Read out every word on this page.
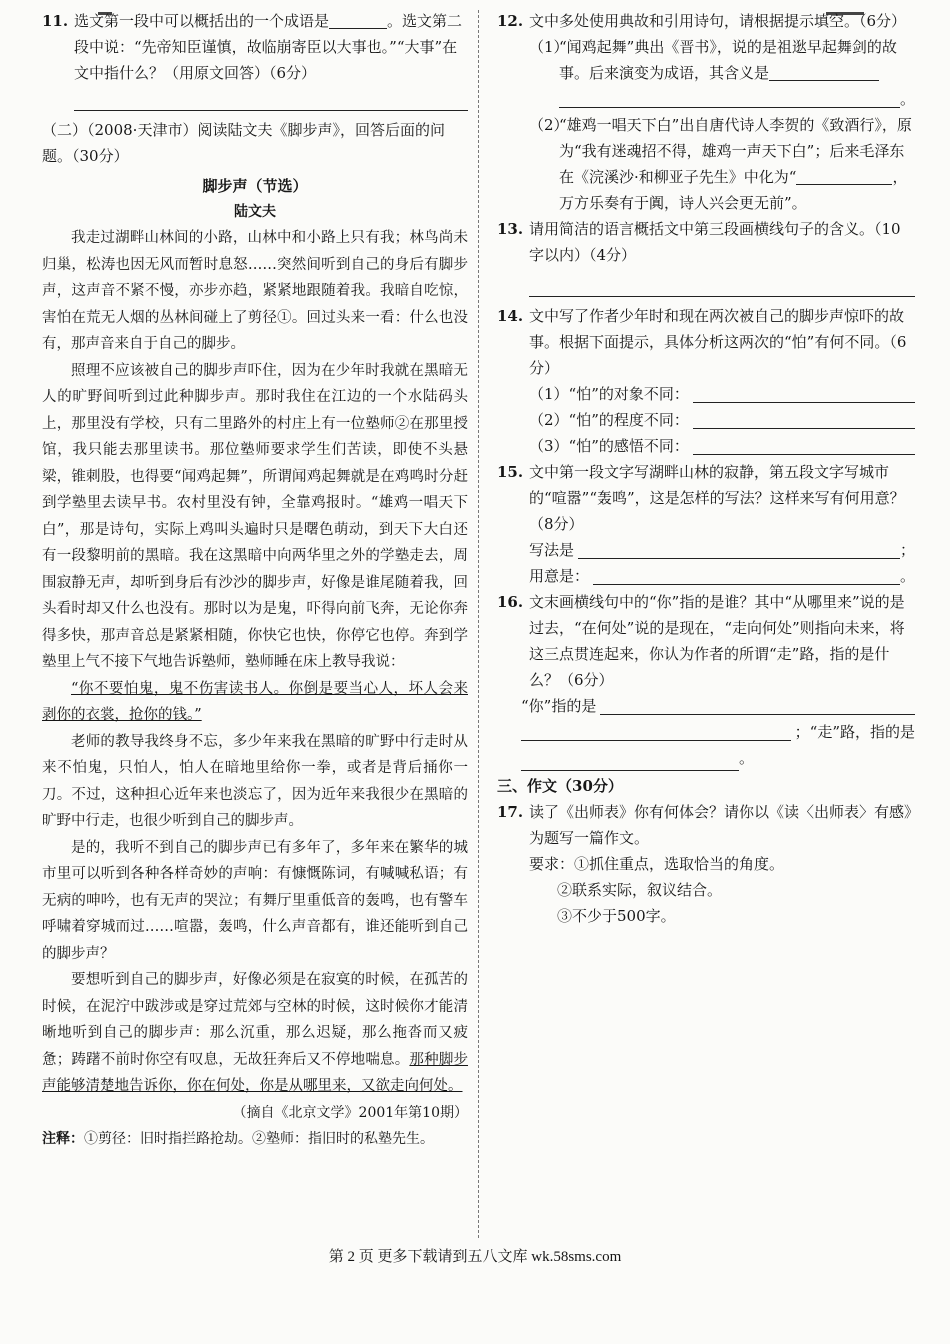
11. 选文第一段中可以概括出的一个成语是	。选文第二段中说：“先帝知臣谨慎，故临崩寄臣以大事也。”“大事”在文中指什么？（用原文回答）（6分）

（二）（2008·天津市）阅读陆文夫《脚步声》，回答后面的问题。（30分）

脚步声（节选）

陆文夫

我走过湖畔山林间的小路，山林中和小路上只有我；林鸟尚未归巢，松涛也因无风而暂时息怒……突然间听到自己的身后有脚步声，这声音不紧不慢，亦步亦趋，紧紧地跟随着我。我暗自吃惊，害怕在荒无人烟的丛林间碰上了剪径①。回过头来一看：什么也没有，那声音来自于自己的脚步。

照理不应该被自己的脚步声吓住，因为在少年时我就在黑暗无人的旷野间听到过此种脚步声。那时我住在江边的一个水陆码头上，那里没有学校，只有二里路外的村庄上有一位塾师②在那里授馆，我只能去那里读书。那位塾师要求学生们苦读，即使不头悬梁，锥刺股，也得要“闻鸡起舞”，所谓闻鸡起舞就是在鸡鸣时分赶到学塾里去读早书。农村里没有钟，全靠鸡报时。“雄鸡一唱天下白”，那是诗句，实际上鸡叫头遍时只是曙色萌动，到天下大白还有一段黎明前的黑暗。我在这黑暗中向两华里之外的学塾走去，周围寂静无声，却听到身后有沙沙的脚步声，好像是谁尾随着我，回头看时却又什么也没有。那时以为是鬼，吓得向前飞奔，无论你奔得多快，那声音总是紧紧相随，你快它也快，你停它也停。奔到学塾里上气不接下气地告诉塾师，塾师睡在床上教导我说：

“你不要怕鬼，鬼不伤害读书人。你倒是要当心人，坏人会来剥你的衣裳，抢你的钱。”

老师的教导我终身不忘，多少年来我在黑暗的旷野中行走时从来不怕鬼，只怕人，怕人在暗地里给你一拳，或者是背后捅你一刀。不过，这种担心近年来也淡忘了，因为近年来我很少在黑暗的旷野中行走，也很少听到自己的脚步声。

是的，我听不到自己的脚步声已有多年了，多年来在繁华的城市里可以听到各种各样奇妙的声响：有慷慨陈词，有喊喊私语；有无病的呻吟，也有无声的哭泣；有舞厅里重低音的轰鸣，也有警车呼啸着穿城而过……喧嚣，轰鸣，什么声音都有，谁还能听到自己的脚步声？

要想听到自己的脚步声，好像必须是在寂寞的时候，在孤苦的时候，在泥泞中跋涉或是穿过荒郊与空林的时候，这时候你才能清晰地听到自己的脚步声：那么沉重，那么迟疑，那么拖沓而又疲惫；踌躇不前时你空有叹息，无故狂奔后又不停地喘息。那种脚步声能够清楚地告诉你，你在何处，你是从哪里来，又欲走向何处。

（摘自《北京文学》2001年第10期）

注释：①剪径：旧时指拦路抢劫。②塾师：指旧时的私塾先生。

12. 文中多处使用典故和引用诗句，请根据提示填空。（6分）
（1）
“闻鸡起舞”典出《晋书》，说的是祖逖早起舞剑的故事。后来演变为成语，其含义是
。
（2）
“雄鸡一唱天下白”出自唐代诗人李贺的《致酒行》，原为“我有迷魂招不得，雄鸡一声天下白”；后来毛泽东在《浣溪沙·和柳亚子先生》中化为“	，万方乐奏有于阗，诗人兴会更无前”。
13. 请用简洁的语言概括文中第三段画横线句子的含义。（10字以内）（4分）
14. 文中写了作者少年时和现在两次被自己的脚步声惊吓的故事。根据下面提示，具体分析这两次的“怕”有何不同。（6分）
（1）“怕”的对象不同：
（2）“怕”的程度不同：
（3）“怕”的感悟不同：
15. 文中第一段文字写湖畔山林的寂静，第五段文字写城市的“喧嚣”“轰鸣”，这是怎样的写法？这样来写有何用意？（8分）
写法是	；
用意是：	。
16. 文末画横线句中的“你”指的是谁？其中“从哪里来”说的是过去，“在何处”说的是现在，“走向何处”则指向未来，将这三点贯连起来，你认为作者的所谓“走”路，指的是什么？（6分）
“你”指的是
；“走”路，指的是
。

三、作文（30分）

17. 读了《出师表》你有何体会？请你以《读〈出师表〉有感》为题写一篇作文。

要求：①抓住重点，选取恰当的角度。

②联系实际，叙议结合。

③不少于500字。

第 2 页 更多下载请到五八文库 wk.58sms.com
